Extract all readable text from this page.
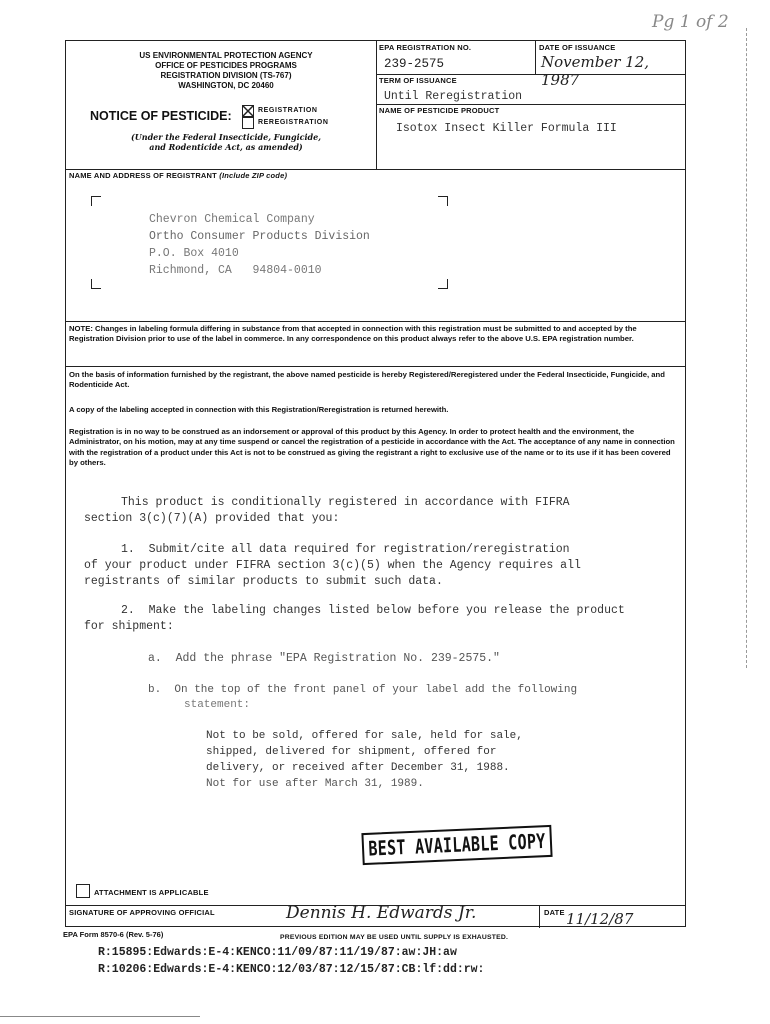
Pg 1 of 2
US ENVIRONMENTAL PROTECTION AGENCY
OFFICE OF PESTICIDES PROGRAMS
REGISTRATION DIVISION (TS-767)
WASHINGTON, DC 20460
NOTICE OF PESTICIDE:	REGISTRATION
REREGISTRATION
(Under the Federal Insecticide, Fungicide,
and Rodenticide Act, as amended)
EPA REGISTRATION NO.
239-2575
DATE OF ISSUANCE
November 12, 1987
TERM OF ISSUANCE
Until Reregistration
NAME OF PESTICIDE PRODUCT
Isotox Insect Killer Formula III
NAME AND ADDRESS OF REGISTRANT (Include ZIP code)
Chevron Chemical Company
Ortho Consumer Products Division
P.O. Box 4010
Richmond, CA   94804-0010
NOTE: Changes in labeling formula differing in substance from that accepted in connection with this registration must be submitted to and accepted by the Registration Division prior to use of the label in commerce. In any correspondence on this product always refer to the above U.S. EPA registration number.
On the basis of information furnished by the registrant, the above named pesticide is hereby Registered/Reregistered under the Federal Insecticide, Fungicide, and Rodenticide Act.
A copy of the labeling accepted in connection with this Registration/Reregistration is returned herewith.
Registration is in no way to be construed as an indorsement or approval of this product by this Agency. In order to protect health and the environment, the Administrator, on his motion, may at any time suspend or cancel the registration of a pesticide in accordance with the Act. The acceptance of any name in connection with the registration of a product under this Act is not to be construed as giving the registrant a right to exclusive use of the name or to its use if it has been covered by others.
This product is conditionally registered in accordance with FIFRA
section 3(c)(7)(A) provided that you:
1.  Submit/cite all data required for registration/reregistration
of your product under FIFRA section 3(c)(5) when the Agency requires all
registrants of similar products to submit such data.
2.  Make the labeling changes listed below before you release the product
for shipment:
a.  Add the phrase "EPA Registration No. 239-2575."
b.  On the top of the front panel of your label add the following
statement:
Not to be sold, offered for sale, held for sale,
shipped, delivered for shipment, offered for
delivery, or received after December 31, 1988.
Not for use after March 31, 1989.
BEST AVAILABLE COPY
ATTACHMENT IS APPLICABLE
SIGNATURE OF APPROVING OFFICIAL	Dennis H. Edwards Jr.	DATE 11/12/87
EPA Form 8570-6 (Rev. 5-76)	PREVIOUS EDITION MAY BE USED UNTIL SUPPLY IS EXHAUSTED.
R:15895:Edwards:E-4:KENCO:11/09/87:11/19/87:aw:JH:aw
R:10206:Edwards:E-4:KENCO:12/03/87:12/15/87:CB:lf:dd:rw:
